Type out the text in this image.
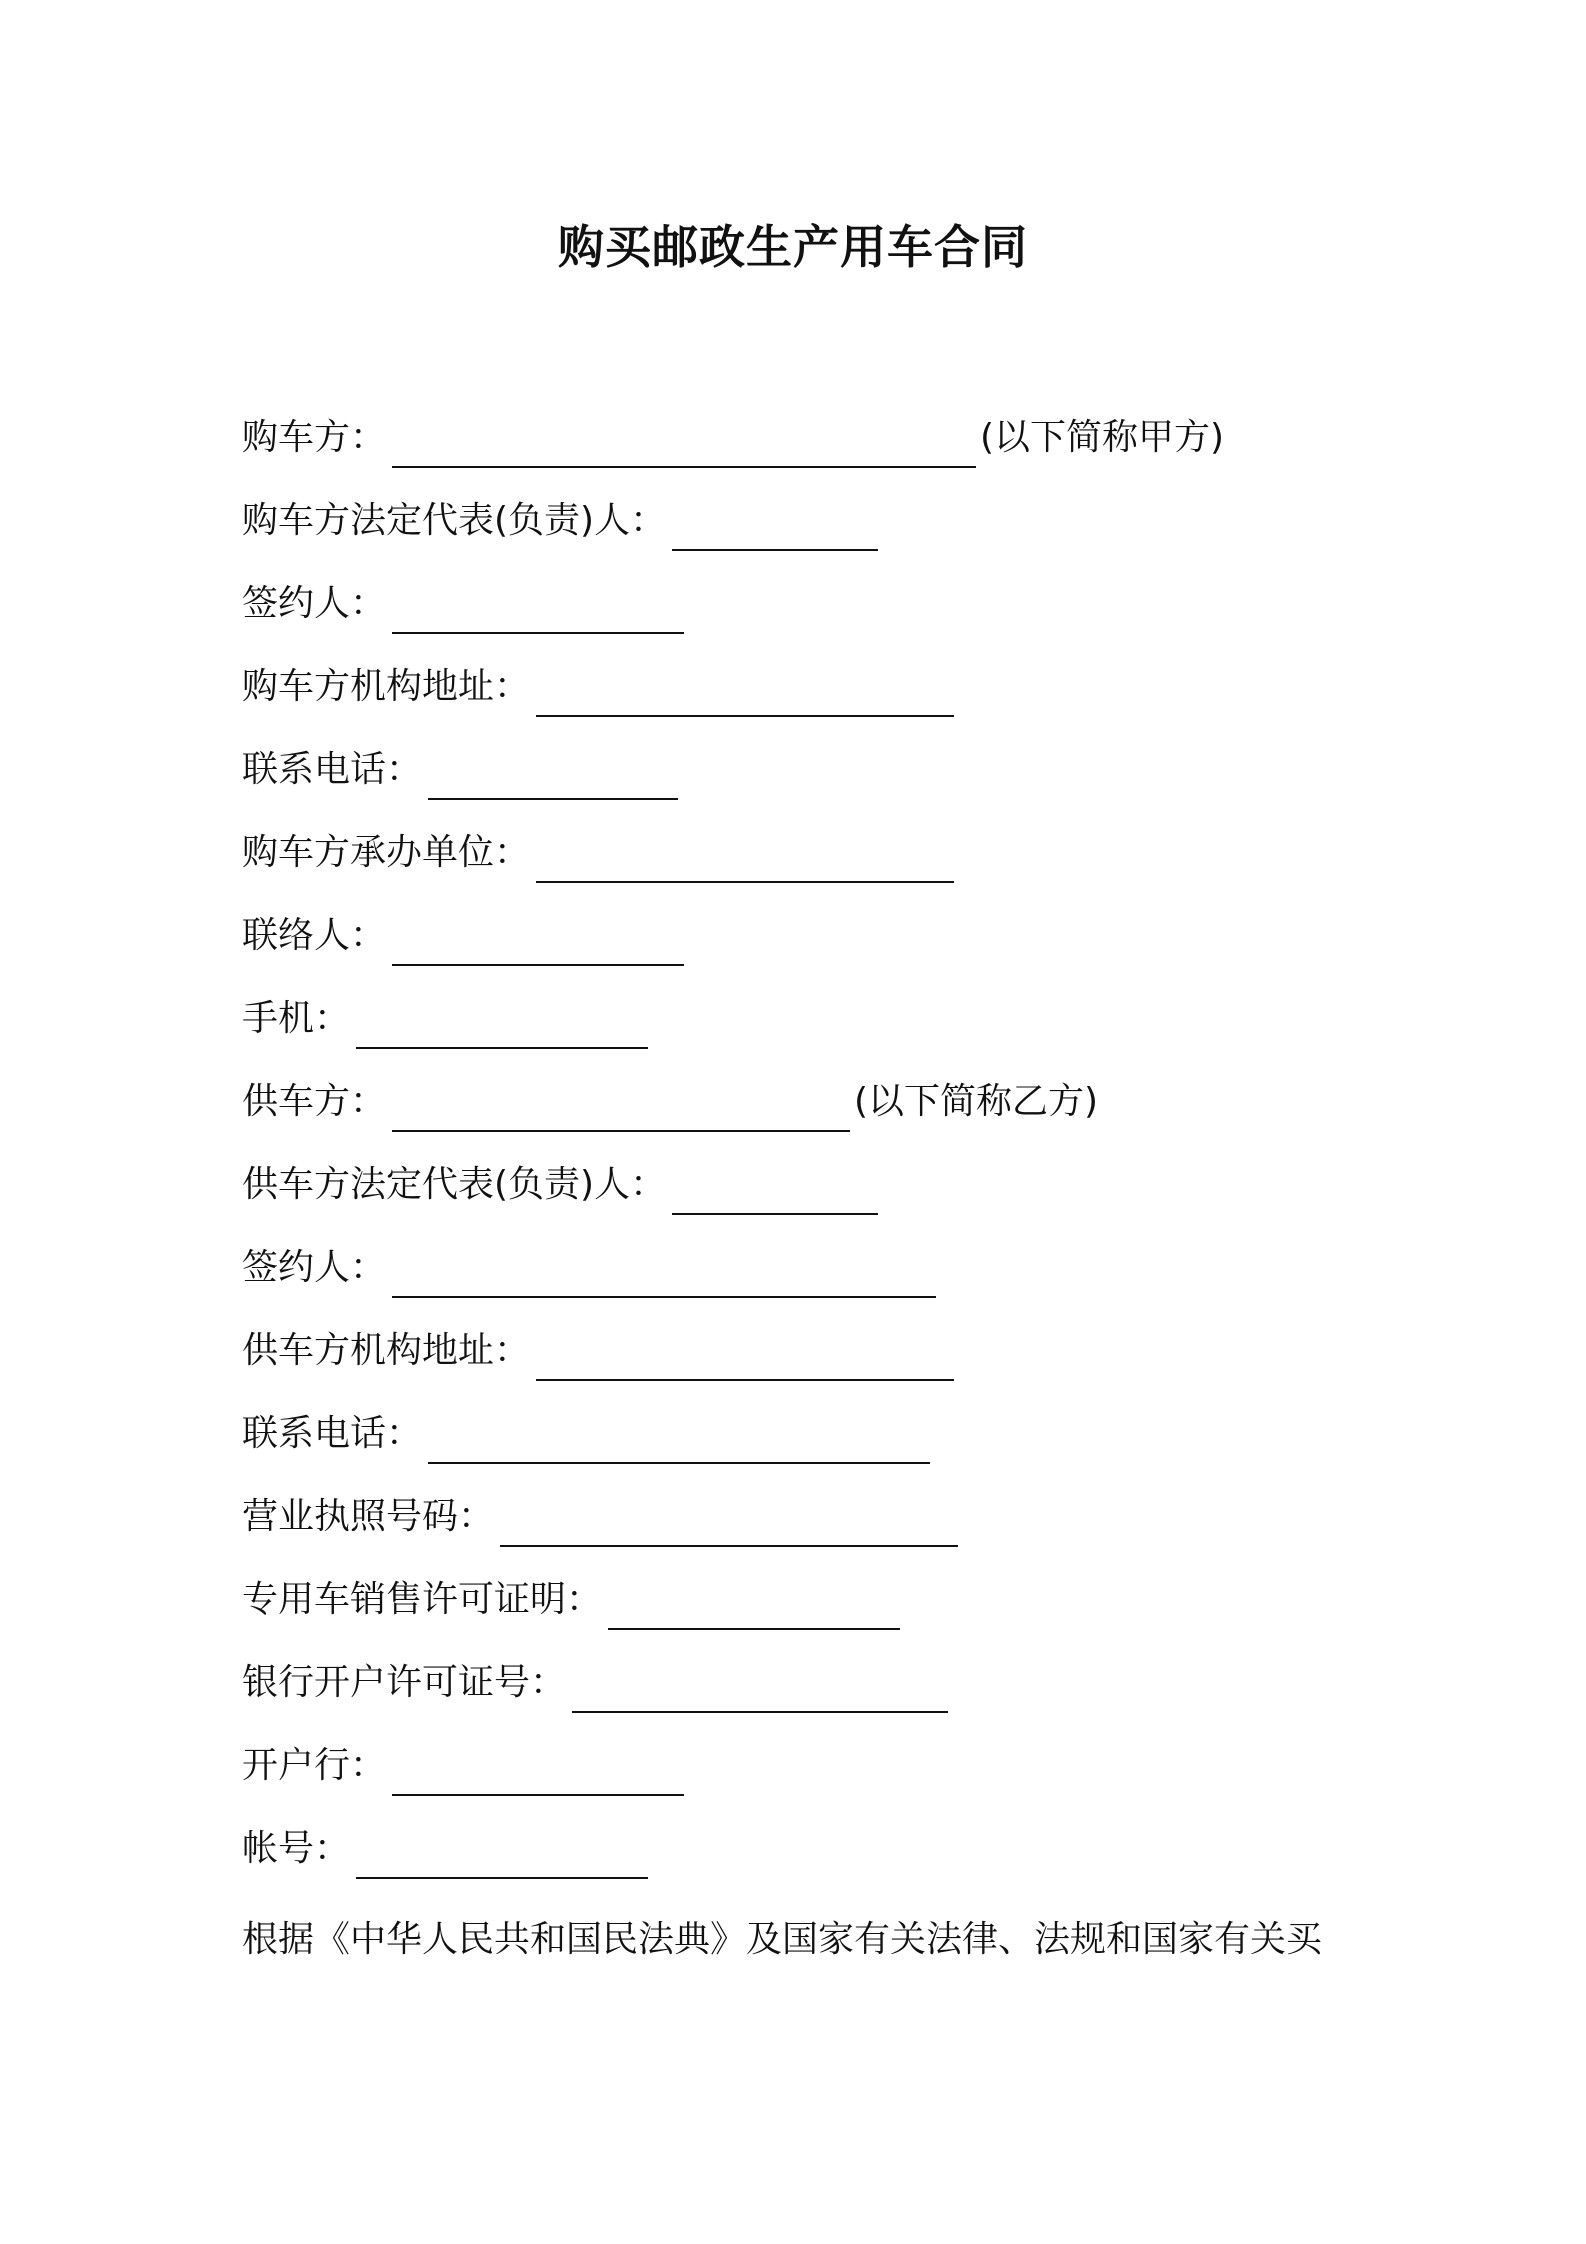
购买邮政生产用车合同
购车方：	(以下简称甲方)
购车方法定代表(负责)人：
签约人：
购车方机构地址：
联系电话：
购车方承办单位：
联络人：
手机：
供车方：	(以下简称乙方)
供车方法定代表(负责)人：
签约人：
供车方机构地址：
联系电话：
营业执照号码：
专用车销售许可证明：
银行开户许可证号：
开户行：
帐号：
根据《中华人民共和国民法典》及国家有关法律、法规和国家有关买
